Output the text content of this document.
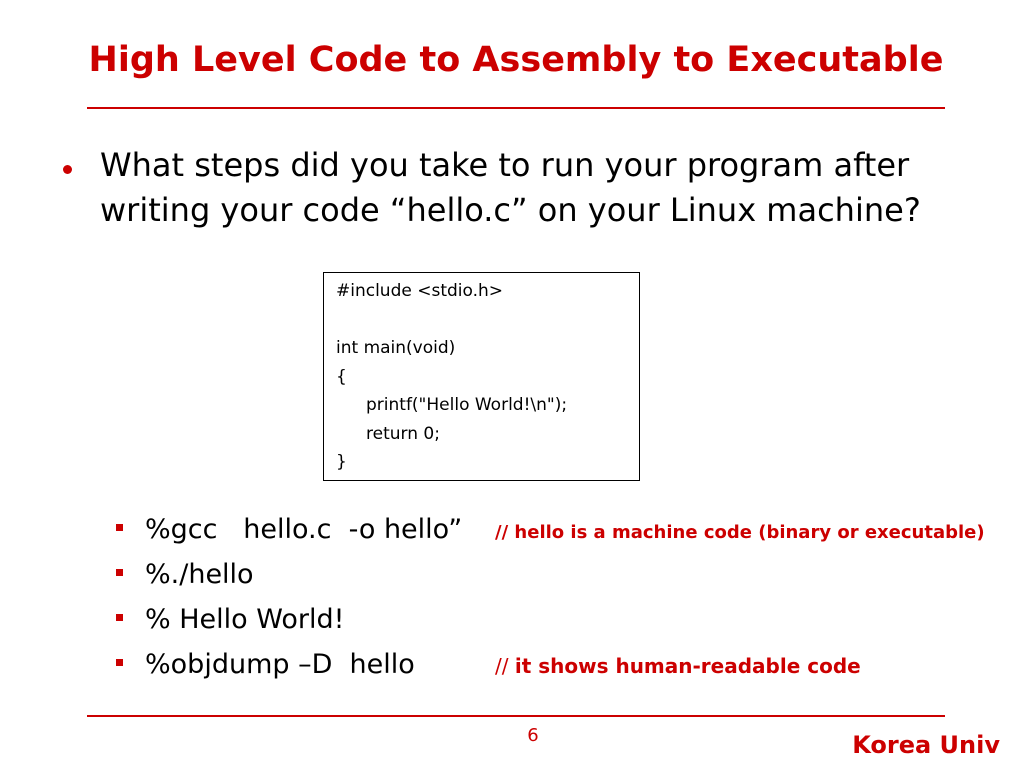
High Level Code to Assembly to Executable
What steps did you take to run your program after
writing your code “hello.c” on your Linux machine?
#include <stdio.h>
int main(void)
{
printf("Hello World!\n");
return 0;
}
%gcc   hello.c  -o hello”	// hello is a machine code (binary or executable)
%./hello
% Hello World!
%objdump –D  hello	// it shows human-readable code
6	Korea Univ
